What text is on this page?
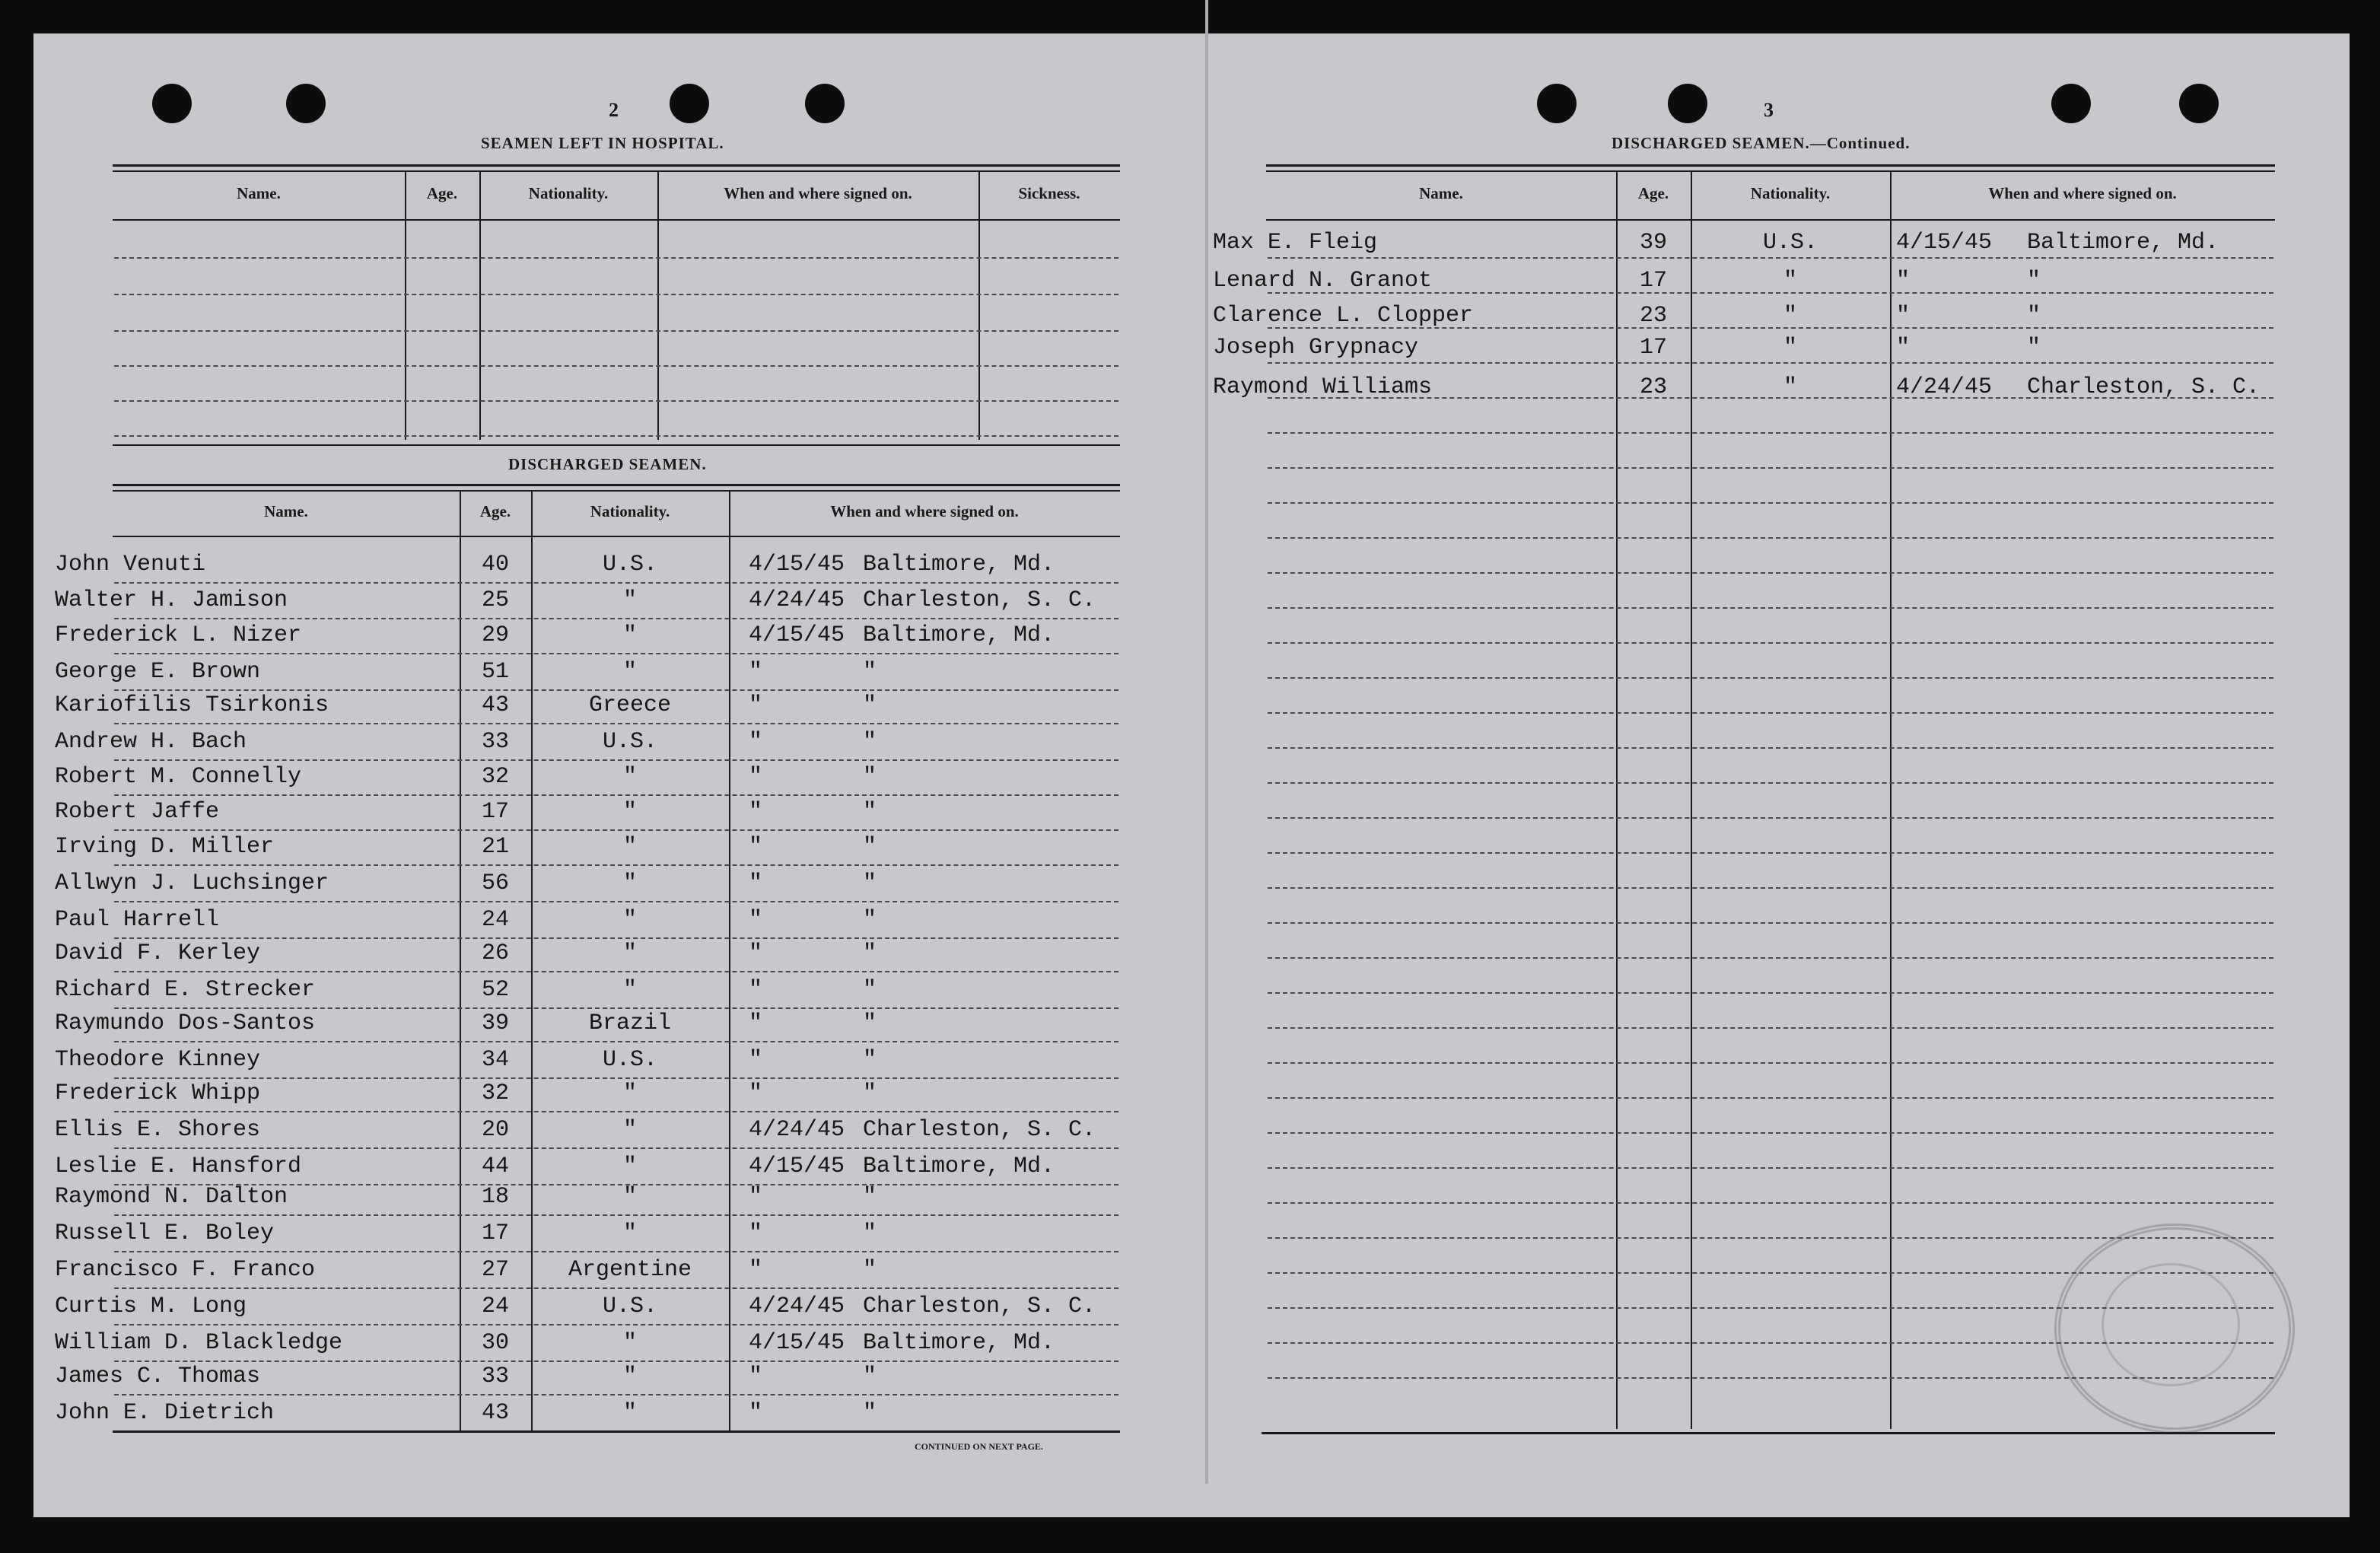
2
SEAMEN LEFT IN HOSPITAL.
Name.	Age.	Nationality.	When and where signed on.	Sickness.
DISCHARGED SEAMEN.
Name.	Age.	Nationality.	When and where signed on.
John Venuti	40	U.S.	4/15/45 Baltimore, Md.
Walter H. Jamison	25	"	4/24/45 Charleston, S. C.
Frederick L. Nizer	29	"	4/15/45 Baltimore, Md.
George E. Brown	51	"	"	"
Kariofilis Tsirkonis	43	Greece	"	"
Andrew H. Bach	33	U.S.	"	"
Robert M. Connelly	32	"	"	"
Robert Jaffe	17	"	"	"
Irving D. Miller	21	"	"	"
Allwyn J. Luchsinger	56	"	"	"
Paul Harrell	24	"	"	"
David F. Kerley	26	"	"	"
Richard E. Strecker	52	"	"	"
Raymundo Dos-Santos	39	Brazil	"	"
Theodore Kinney	34	U.S.	"	"
Frederick Whipp	32	"	"	"
Ellis E. Shores	20	"	4/24/45 Charleston, S. C.
Leslie E. Hansford	44	"	4/15/45 Baltimore, Md.
Raymond N. Dalton	18	"	"	"
Russell E. Boley	17	"	"	"
Francisco F. Franco	27	Argentine	"	"
Curtis M. Long	24	U.S.	4/24/45 Charleston, S. C.
William D. Blackledge	30	"	4/15/45 Baltimore, Md.
James C. Thomas	33	"	"	"
John E. Dietrich	43	"	"	"
CONTINUED ON NEXT PAGE.
3
DISCHARGED SEAMEN.—Continued.
Name.	Age.	Nationality.	When and where signed on.
Max E. Fleig	39	U.S.	4/15/45 Baltimore, Md.
Lenard N. Granot	17	"	"	"
Clarence L. Clopper	23	"	"	"
Joseph Grypnacy	17	"	"	"
Raymond Williams	23	"	4/24/45 Charleston, S. C.
